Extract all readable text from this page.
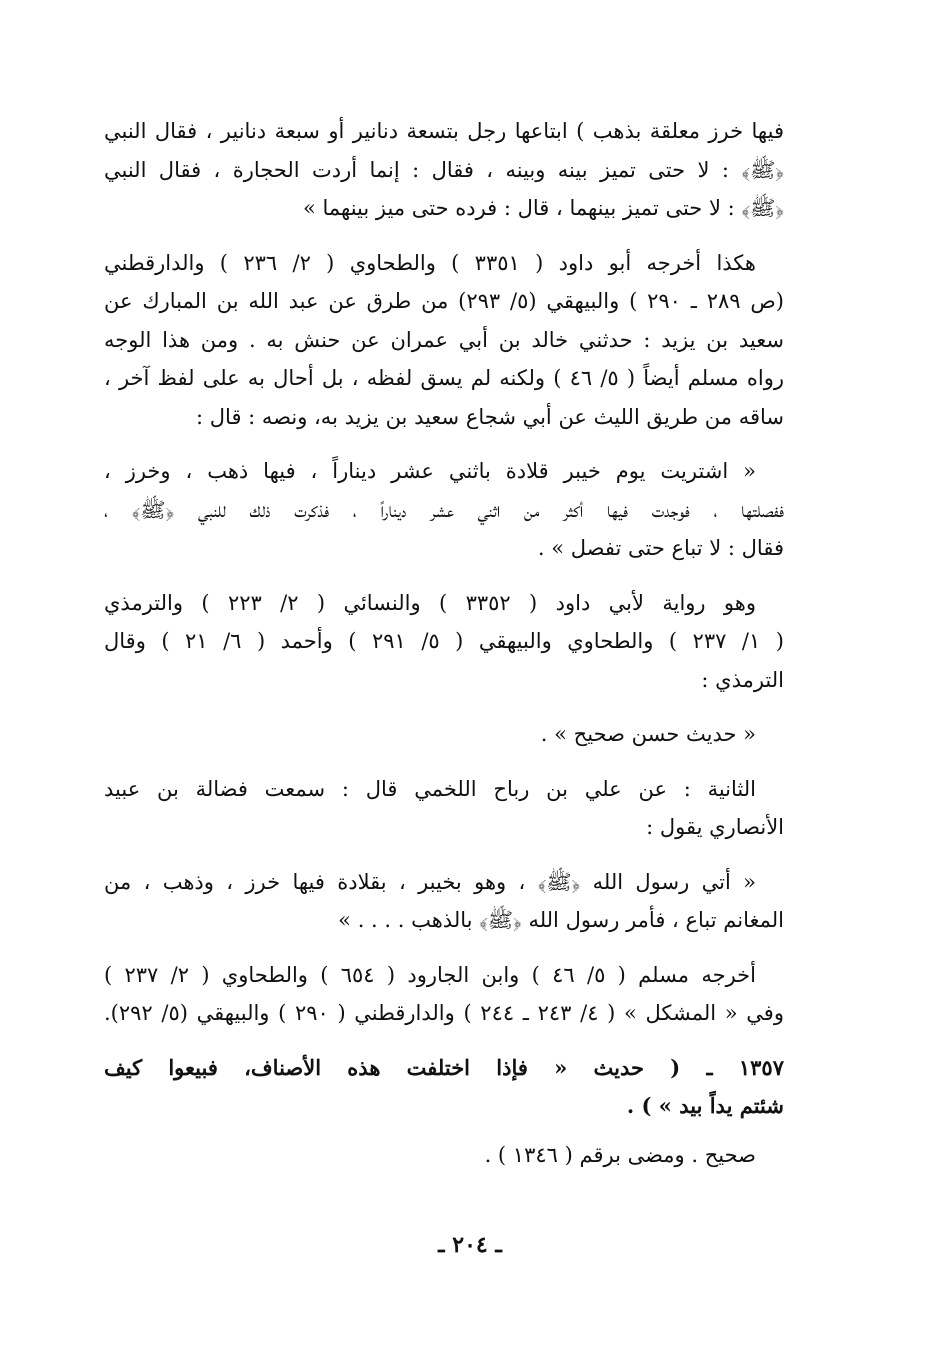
فيها خرز معلقة بذهب ) ابتاعها رجل بتسعة دنانير أو سبعة دنانير ، فقال النبي
﴿ﷺ﴾ : لا حتى تميز بينه وبينه ، فقال : إنما أردت الحجارة ، فقال النبي
﴿ﷺ﴾ : لا حتى تميز بينهما ، قال : فرده حتى ميز بينهما »

هكذا أخرجه أبو داود ( ٣٣٥١ ) والطحاوي ( ٢/ ٢٣٦ ) والدارقطني
(ص ٢٨٩ ـ ٢٩٠ ) والبيهقي (٥/ ٢٩٣) من طرق عن عبد الله بن المبارك عن
سعيد بن يزيد : حدثني خالد بن أبي عمران عن حنش به . ومن هذا الوجه
رواه مسلم أيضاً ( ٥/ ٤٦ ) ولكنه لم يسق لفظه ، بل أحال به على لفظ آخر ،
ساقه من طريق الليث عن أبي شجاع سعيد بن يزيد به، ونصه : قال :

« اشتريت يوم خيبر قلادة باثني عشر ديناراً ، فيها ذهب ، وخرز ،
ففصلتها ، فوجدت فيها أكثر من اثني عشر ديناراً ، فذكرت ذلك للنبي ﴿ﷺ﴾ ،
فقال : لا تباع حتى تفصل » .

وهو رواية لأبي داود ( ٣٣٥٢ ) والنسائي ( ٢/ ٢٢٣ ) والترمذي
( ١/ ٢٣٧ ) والطحاوي والبيهقي ( ٥/ ٢٩١ ) وأحمد ( ٦/ ٢١ ) وقال
الترمذي :

« حديث حسن صحيح » .

الثانية : عن علي بن رباح اللخمي قال : سمعت فضالة بن عبيد
الأنصاري يقول :

« أتي رسول الله ﴿ﷺ﴾ ، وهو بخيبر ، بقلادة فيها خرز ، وذهب ، من
المغانم تباع ، فأمر رسول الله ﴿ﷺ﴾ بالذهب . . . . »

أخرجه مسلم ( ٥/ ٤٦ ) وابن الجارود ( ٦٥٤ ) والطحاوي ( ٢/ ٢٣٧ )
وفي « المشكل » ( ٤/ ٢٤٣ ـ ٢٤٤ ) والدارقطني ( ٢٩٠ ) والبيهقي (٥/ ٢٩٢).

١٣٥٧ ـ ( حديث « فإذا اختلفت هذه الأصناف، فبيعوا كيف
شئتم يداً بيد » ) .

صحيح . ومضى برقم ( ١٣٤٦ ) .

ـ ٢٠٤ ـ
